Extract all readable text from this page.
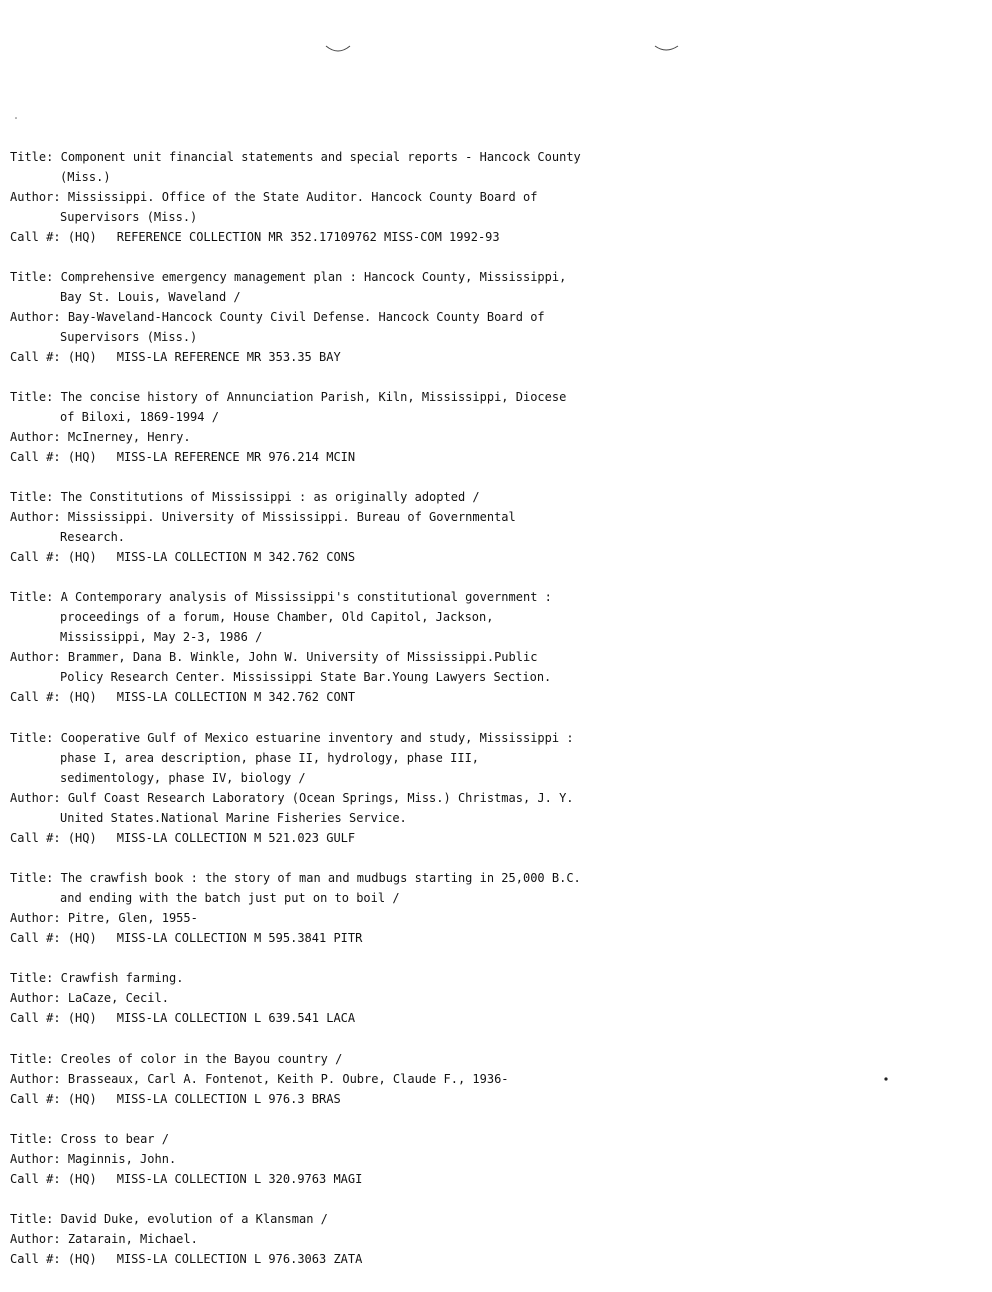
Title: Component unit financial statements and special reports - Hancock County
(Miss.)
Author: Mississippi. Office of the State Auditor. Hancock County Board of
Supervisors (Miss.)
Call #: (HQ) REFERENCE COLLECTION MR 352.17109762 MISS-COM 1992-93
Title: Comprehensive emergency management plan : Hancock County, Mississippi,
Bay St. Louis, Waveland /
Author: Bay-Waveland-Hancock County Civil Defense. Hancock County Board of
Supervisors (Miss.)
Call #: (HQ) MISS-LA REFERENCE MR 353.35 BAY
Title: The concise history of Annunciation Parish, Kiln, Mississippi, Diocese
of Biloxi, 1869-1994 /
Author: McInerney, Henry.
Call #: (HQ) MISS-LA REFERENCE MR 976.214 MCIN
Title: The Constitutions of Mississippi : as originally adopted /
Author: Mississippi. University of Mississippi. Bureau of Governmental
Research.
Call #: (HQ) MISS-LA COLLECTION M 342.762 CONS
Title: A Contemporary analysis of Mississippi's constitutional government :
proceedings of a forum, House Chamber, Old Capitol, Jackson,
Mississippi, May 2-3, 1986 /
Author: Brammer, Dana B. Winkle, John W. University of Mississippi.Public
Policy Research Center. Mississippi State Bar.Young Lawyers Section.
Call #: (HQ) MISS-LA COLLECTION M 342.762 CONT
Title: Cooperative Gulf of Mexico estuarine inventory and study, Mississippi :
phase I, area description, phase II, hydrology, phase III,
sedimentology, phase IV, biology /
Author: Gulf Coast Research Laboratory (Ocean Springs, Miss.) Christmas, J. Y.
United States.National Marine Fisheries Service.
Call #: (HQ) MISS-LA COLLECTION M 521.023 GULF
Title: The crawfish book : the story of man and mudbugs starting in 25,000 B.C.
and ending with the batch just put on to boil /
Author: Pitre, Glen, 1955-
Call #: (HQ) MISS-LA COLLECTION M 595.3841 PITR
Title: Crawfish farming.
Author: LaCaze, Cecil.
Call #: (HQ) MISS-LA COLLECTION L 639.541 LACA
Title: Creoles of color in the Bayou country /
Author: Brasseaux, Carl A. Fontenot, Keith P. Oubre, Claude F., 1936-
Call #: (HQ) MISS-LA COLLECTION L 976.3 BRAS
Title: Cross to bear /
Author: Maginnis, John.
Call #: (HQ) MISS-LA COLLECTION L 320.9763 MAGI
Title: David Duke, evolution of a Klansman /
Author: Zatarain, Michael.
Call #: (HQ) MISS-LA COLLECTION L 976.3063 ZATA
